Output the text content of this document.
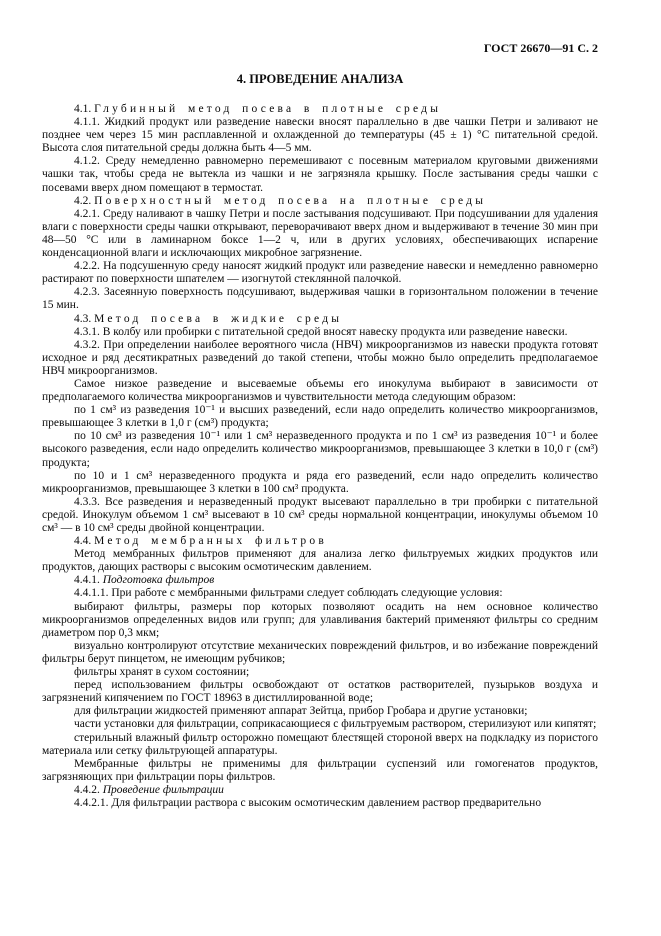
ГОСТ 26670—91 С. 2
4. ПРОВЕДЕНИЕ АНАЛИЗА

4.1. Глубинный метод посева в плотные среды

4.1.1. Жидкий продукт или разведение навески вносят параллельно в две чашки Петри и заливают не позднее чем через 15 мин расплавленной и охлажденной до температуры (45 ± 1) °С питательной средой. Высота слоя питательной среды должна быть 4—5 мм.

4.1.2. Среду немедленно равномерно перемешивают с посевным материалом круговыми движениями чашки так, чтобы среда не вытекла из чашки и не загрязняла крышку. После застывания среды чашки с посевами вверх дном помещают в термостат.

4.2. Поверхностный метод посева на плотные среды

4.2.1. Среду наливают в чашку Петри и после застывания подсушивают. При подсушивании для удаления влаги с поверхности среды чашки открывают, переворачивают вверх дном и выдерживают в течение 30 мин при 48—50 °С или в ламинарном боксе 1—2 ч, или в других условиях, обеспечивающих испарение конденсационной влаги и исключающих микробное загрязнение.

4.2.2. На подсушенную среду наносят жидкий продукт или разведение навески и немедленно равномерно растирают по поверхности шпателем — изогнутой стеклянной палочкой.

4.2.3. Засеянную поверхность подсушивают, выдерживая чашки в горизонтальном положении в течение 15 мин.

4.3. Метод посева в жидкие среды

4.3.1. В колбу или пробирки с питательной средой вносят навеску продукта или разведение навески.

4.3.2. При определении наиболее вероятного числа (НВЧ) микроорганизмов из навески продукта готовят исходное и ряд десятикратных разведений до такой степени, чтобы можно было определить предполагаемое НВЧ микроорганизмов.

Самое низкое разведение и высеваемые объемы его инокулума выбирают в зависимости от предполагаемого количества микроорганизмов и чувствительности метода следующим образом:

по 1 см³ из разведения 10⁻¹ и высших разведений, если надо определить количество микроорганизмов, превышающее 3 клетки в 1,0 г (см³) продукта;

по 10 см³ из разведения 10⁻¹ или 1 см³ неразведенного продукта и по 1 см³ из разведения 10⁻¹ и более высокого разведения, если надо определить количество микроорганизмов, превышающее 3 клетки в 10,0 г (см³) продукта;

по 10 и 1 см³ неразведенного продукта и ряда его разведений, если надо определить количество микроорганизмов, превышающее 3 клетки в 100 см³ продукта.

4.3.3. Все разведения и неразведенный продукт высевают параллельно в три пробирки с питательной средой. Инокулум объемом 1 см³ высевают в 10 см³ среды нормальной концентрации, инокулумы объемом 10 см³ — в 10 см³ среды двойной концентрации.

4.4. Метод мембранных фильтров

Метод мембранных фильтров применяют для анализа легко фильтруемых жидких продуктов или продуктов, дающих растворы с высоким осмотическим давлением.

4.4.1. Подготовка фильтров

4.4.1.1. При работе с мембранными фильтрами следует соблюдать следующие условия:

выбирают фильтры, размеры пор которых позволяют осадить на нем основное количество микроорганизмов определенных видов или групп; для улавливания бактерий применяют фильтры со средним диаметром пор 0,3 мкм;

визуально контролируют отсутствие механических повреждений фильтров, и во избежание повреждений фильтры берут пинцетом, не имеющим рубчиков;

фильтры хранят в сухом состоянии;

перед использованием фильтры освобождают от остатков растворителей, пузырьков воздуха и загрязнений кипячением по ГОСТ 18963 в дистиллированной воде;

для фильтрации жидкостей применяют аппарат Зейтца, прибор Гробара и другие установки;

части установки для фильтрации, соприкасающиеся с фильтруемым раствором, стерилизуют или кипятят;

стерильный влажный фильтр осторожно помещают блестящей стороной вверх на подкладку из пористого материала или сетку фильтрующей аппаратуры.

Мембранные фильтры не применимы для фильтрации суспензий или гомогенатов продуктов, загрязняющих при фильтрации поры фильтров.

4.4.2. Проведение фильтрации

4.4.2.1. Для фильтрации раствора с высоким осмотическим давлением раствор предварительно
